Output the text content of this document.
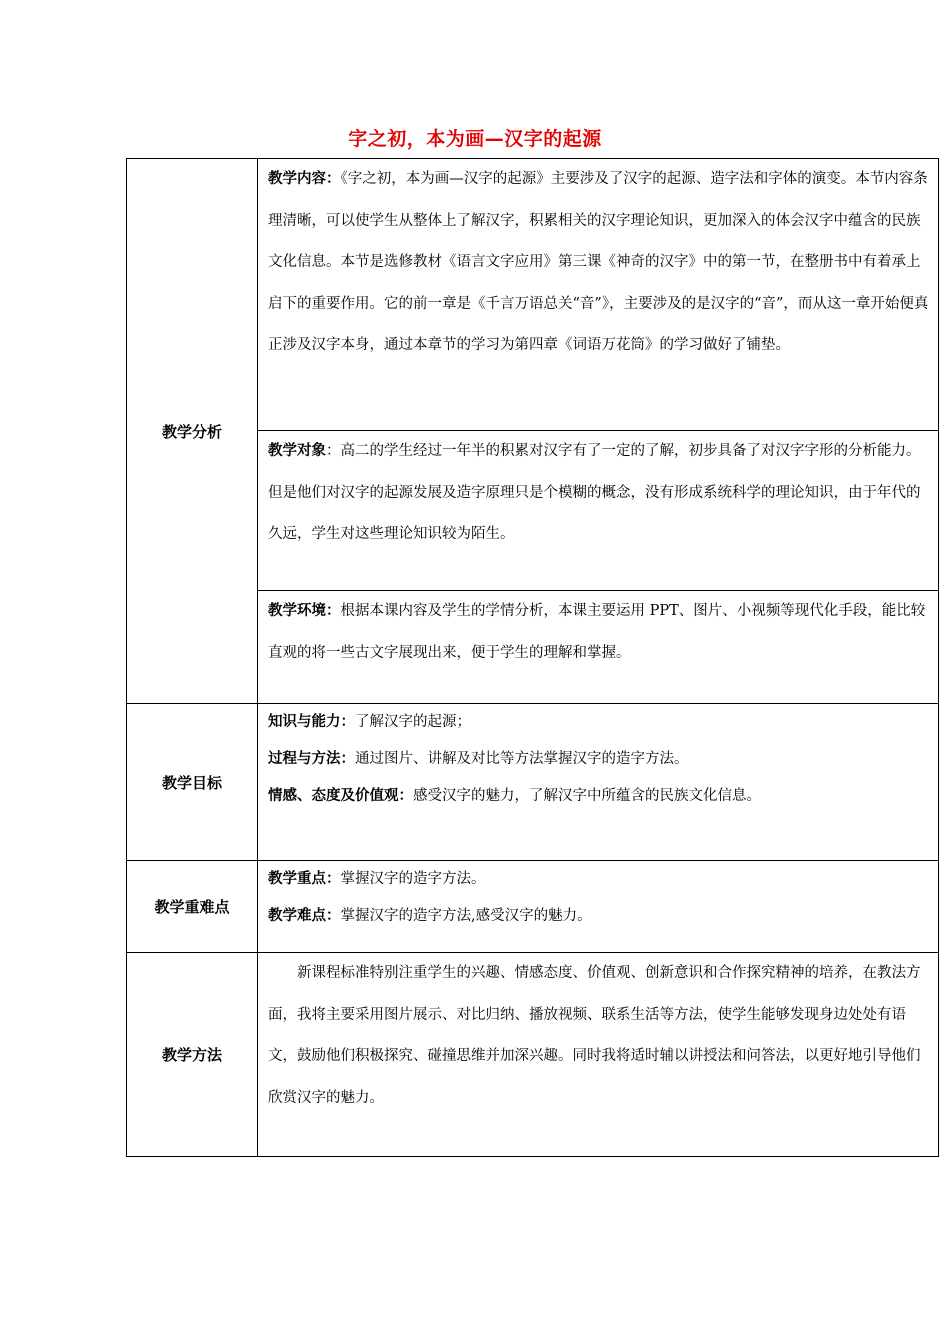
字之初，本为画—汉字的起源
教学分析	教学内容：《字之初，本为画—汉字的起源》主要涉及了汉字的起源、造字法和字体的演变。本节内容条理清晰，可以使学生从整体上了解汉字，积累相关的汉字理论知识，更加深入的体会汉字中蕴含的民族文化信息。本节是选修教材《语言文字应用》第三课《神奇的汉字》中的第一节，在整册书中有着承上启下的重要作用。它的前一章是《千言万语总关“音”》，主要涉及的是汉字的“音”，而从这一章开始便真正涉及汉字本身，通过本章节的学习为第四章《词语万花筒》的学习做好了铺垫。

	教学对象：高二的学生经过一年半的积累对汉字有了一定的了解，初步具备了对汉字字形的分析能力。但是他们对汉字的起源发展及造字原理只是个模糊的概念，没有形成系统科学的理论知识，由于年代的久远，学生对这些理论知识较为陌生。

	教学环境：根据本课内容及学生的学情分析，本课主要运用 PPT、图片、小视频等现代化手段，能比较直观的将一些古文字展现出来，便于学生的理解和掌握。

教学目标	知识与能力：了解汉字的起源；

过程与方法：通过图片、讲解及对比等方法掌握汉字的造字方法。

情感、态度及价值观：感受汉字的魅力，了解汉字中所蕴含的民族文化信息。

教学重难点	教学重点：掌握汉字的造字方法。

教学难点：掌握汉字的造字方法,感受汉字的魅力。

教学方法	新课程标准特别注重学生的兴趣、情感态度、价值观、创新意识和合作探究精神的培养，在教法方面，我将主要采用图片展示、对比归纳、播放视频、联系生活等方法，使学生能够发现身边处处有语文，鼓励他们积极探究、碰撞思维并加深兴趣。同时我将适时辅以讲授法和问答法，以更好地引导他们欣赏汉字的魅力。
